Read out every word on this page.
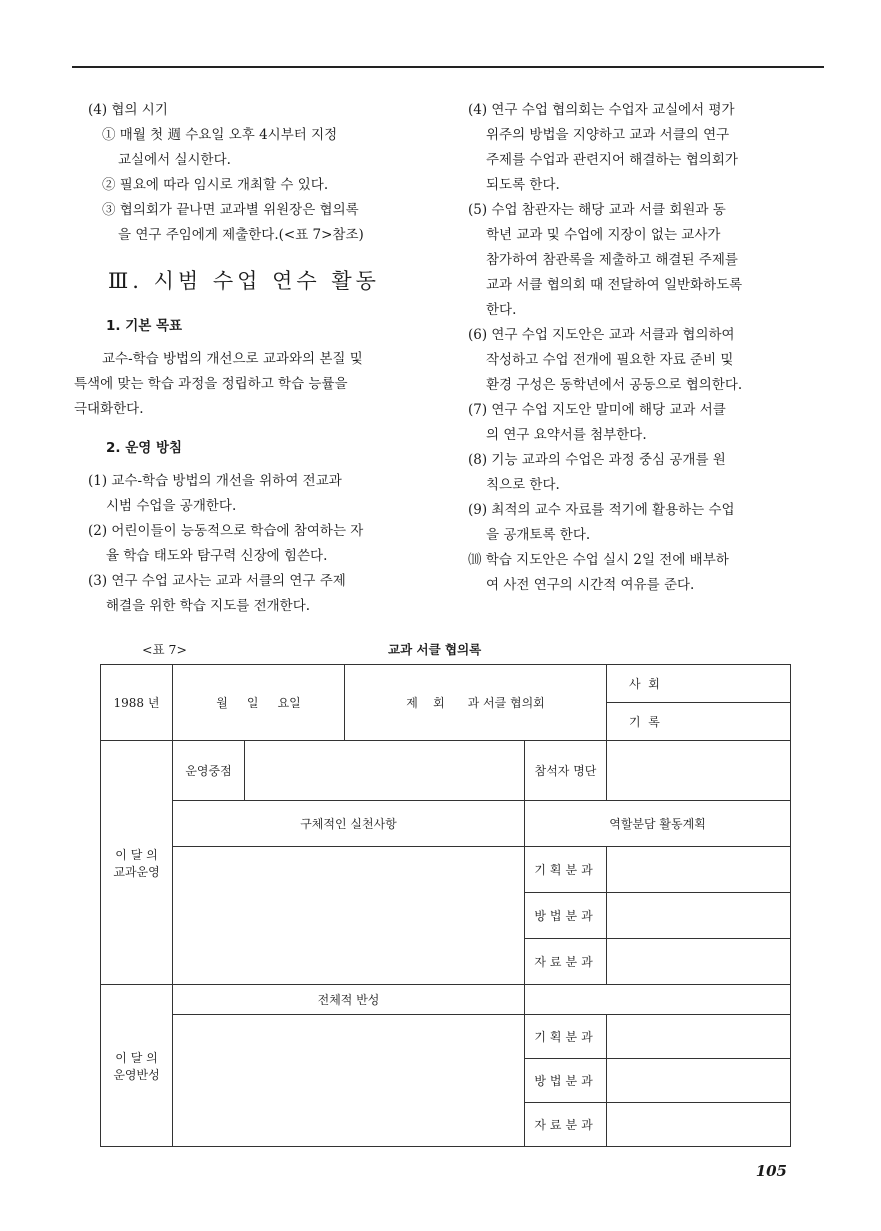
(4) 협의 시기
① 매월 첫 週 수요일 오후 4시부터 지정
교실에서 실시한다.
② 필요에 따라 임시로 개최할 수 있다.
③ 협의회가 끝나면 교과별 위원장은 협의록
을 연구 주임에게 제출한다.(<표 7>참조)
Ⅲ. 시범 수업 연수 활동
1. 기본 목표
교수-학습 방법의 개선으로 교과와의 본질 및
특색에 맞는 학습 과정을 정립하고 학습 능률을
극대화한다.
2. 운영 방침
(1) 교수-학습 방법의 개선을 위하여 전교과
시범 수업을 공개한다.
(2) 어린이들이 능동적으로 학습에 참여하는 자
율 학습 태도와 탐구력 신장에 힘쓴다.
(3) 연구 수업 교사는 교과 서클의 연구 주제
해결을 위한 학습 지도를 전개한다.
(4) 연구 수업 협의회는 수업자 교실에서 평가
위주의 방법을 지양하고 교과 서클의 연구
주제를 수업과 관련지어 해결하는 협의회가
되도록 한다.
(5) 수업 참관자는 해당 교과 서클 회원과 동
학년 교과 및 수업에 지장이 없는 교사가
참가하여 참관록을 제출하고 해결된 주제를
교과 서클 협의회 때 전달하여 일반화하도록
한다.
(6) 연구 수업 지도안은 교과 서클과 협의하여
작성하고 수업 전개에 필요한 자료 준비 및
환경 구성은 동학년에서 공동으로 협의한다.
(7) 연구 수업 지도안 말미에 해당 교과 서클
의 연구 요약서를 첨부한다.
(8) 기능 교과의 수업은 과정 중심 공개를 원
칙으로 한다.
(9) 최적의 교수 자료를 적기에 활용하는 수업
을 공개토록 한다.
⑽ 학습 지도안은 수업 실시 2일 전에 배부하
여 사전 연구의 시간적 여유를 준다.
<표 7>	교과 서클 협의록
1988 년	월     일     요일		제    회      과 서클 협의회		사  회
					기  록

이 달 의
교과운영	운영중점			참석자 명단	
	구체적인 실천사항			역할분담 활동계획	
				기획분과	
				방법분과	
				자료분과	

이 달 의
운영반성	전체적 반성				
				기획분과	
				방법분과	
				자료분과	
105
